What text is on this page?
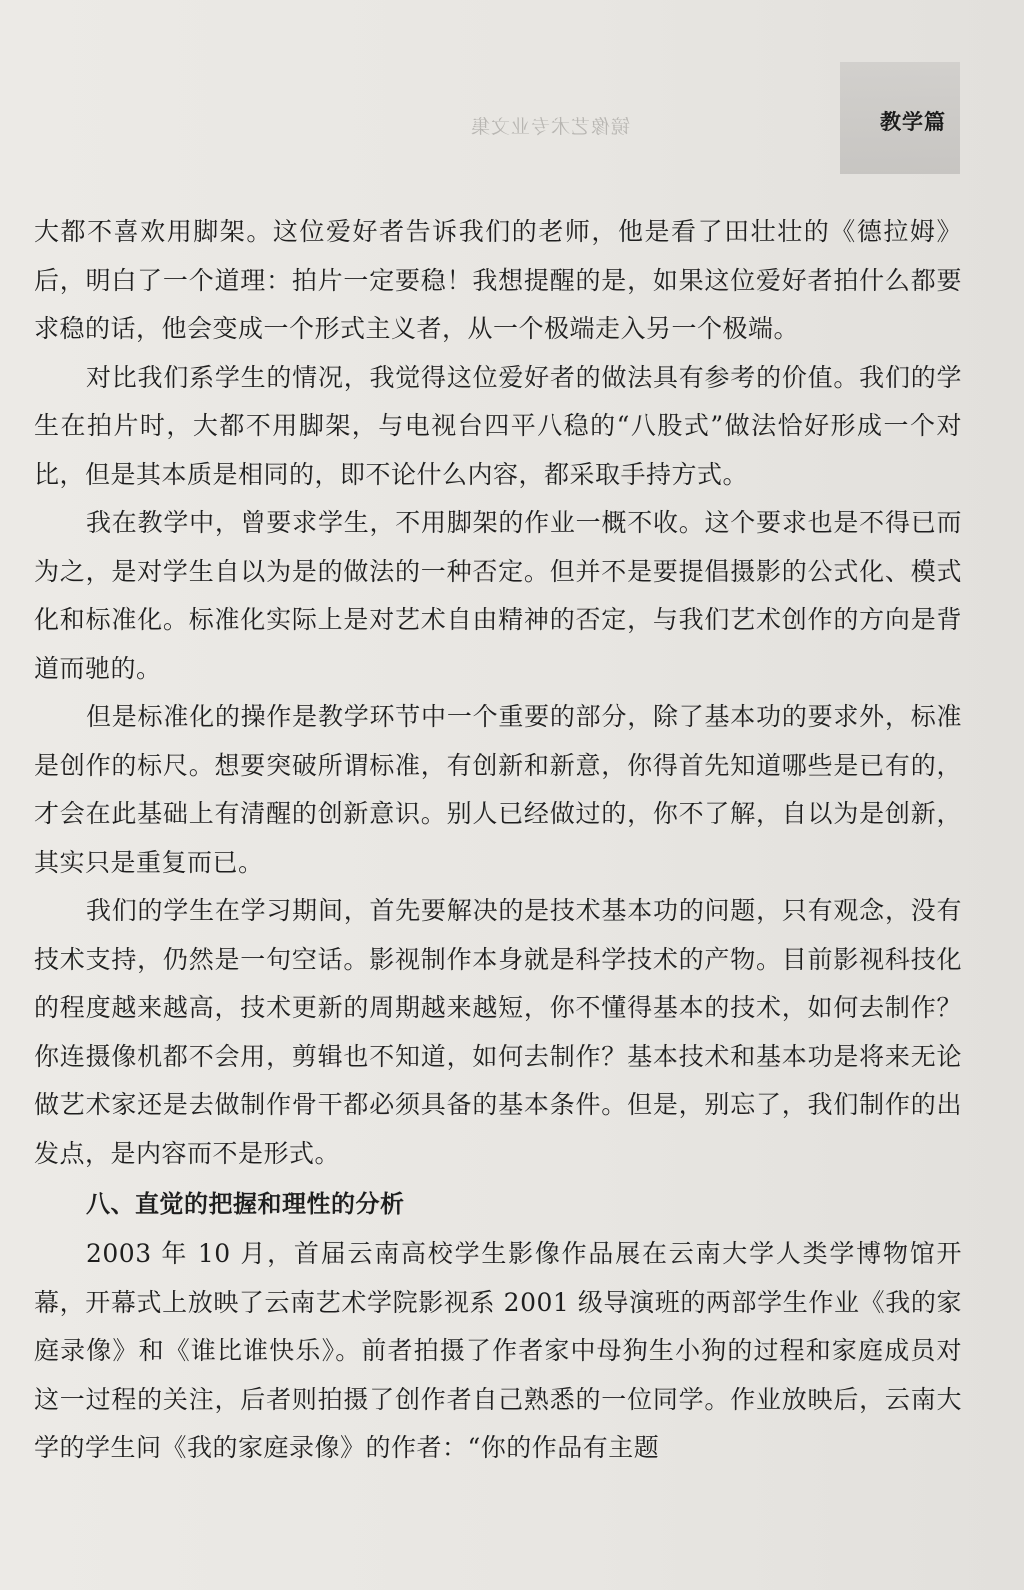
镜像艺术专业文集	教学篇

大都不喜欢用脚架。这位爱好者告诉我们的老师，他是看了田壮壮的《德拉姆》后，明白了一个道理：拍片一定要稳！我想提醒的是，如果这位爱好者拍什么都要求稳的话，他会变成一个形式主义者，从一个极端走入另一个极端。

对比我们系学生的情况，我觉得这位爱好者的做法具有参考的价值。我们的学生在拍片时，大都不用脚架，与电视台四平八稳的“八股式”做法恰好形成一个对比，但是其本质是相同的，即不论什么内容，都采取手持方式。

我在教学中，曾要求学生，不用脚架的作业一概不收。这个要求也是不得已而为之，是对学生自以为是的做法的一种否定。但并不是要提倡摄影的公式化、模式化和标准化。标准化实际上是对艺术自由精神的否定，与我们艺术创作的方向是背道而驰的。

但是标准化的操作是教学环节中一个重要的部分，除了基本功的要求外，标准是创作的标尺。想要突破所谓标准，有创新和新意，你得首先知道哪些是已有的，才会在此基础上有清醒的创新意识。别人已经做过的，你不了解，自以为是创新，其实只是重复而已。

我们的学生在学习期间，首先要解决的是技术基本功的问题，只有观念，没有技术支持，仍然是一句空话。影视制作本身就是科学技术的产物。目前影视科技化的程度越来越高，技术更新的周期越来越短，你不懂得基本的技术，如何去制作？你连摄像机都不会用，剪辑也不知道，如何去制作？基本技术和基本功是将来无论做艺术家还是去做制作骨干都必须具备的基本条件。但是，别忘了，我们制作的出发点，是内容而不是形式。

八、直觉的把握和理性的分析

2003 年 10 月，首届云南高校学生影像作品展在云南大学人类学博物馆开幕，开幕式上放映了云南艺术学院影视系 2001 级导演班的两部学生作业《我的家庭录像》和《谁比谁快乐》。前者拍摄了作者家中母狗生小狗的过程和家庭成员对这一过程的关注，后者则拍摄了创作者自己熟悉的一位同学。作业放映后，云南大学的学生问《我的家庭录像》的作者：“你的作品有主题
